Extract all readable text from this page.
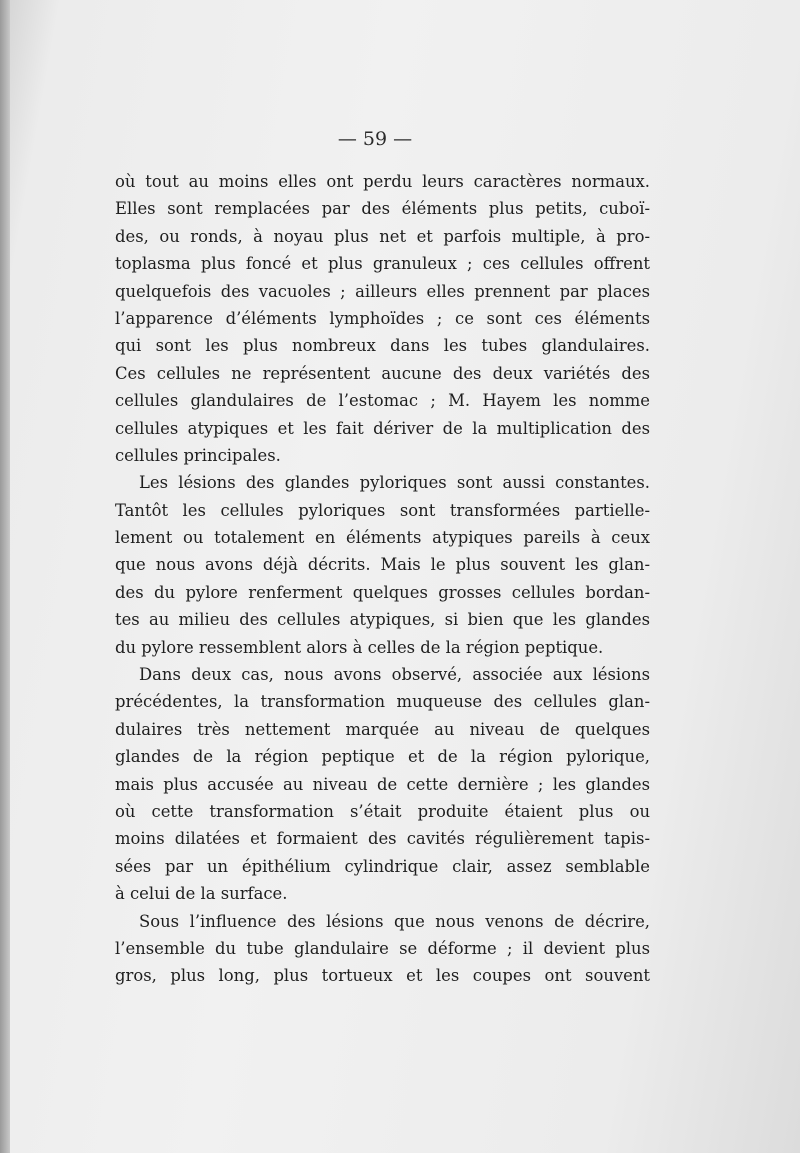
— 59 —
où tout au moins elles ont perdu leurs caractères normaux.
Elles sont remplacées par des éléments plus petits, cuboï-
des, ou ronds, à noyau plus net et parfois multiple, à pro-
toplasma plus foncé et plus granuleux ; ces cellules offrent
quelquefois des vacuoles ; ailleurs elles prennent par places
l’apparence d’éléments lymphoïdes ; ce sont ces éléments
qui sont les plus nombreux dans les tubes glandulaires.
Ces cellules ne représentent aucune des deux variétés des
cellules glandulaires de l’estomac ; M. Hayem les nomme
cellules atypiques et les fait dériver de la multiplication des
cellules principales.
Les lésions des glandes pyloriques sont aussi constantes.
Tantôt les cellules pyloriques sont transformées partielle-
lement ou totalement en éléments atypiques pareils à ceux
que nous avons déjà décrits. Mais le plus souvent les glan-
des du pylore renferment quelques grosses cellules bordan-
tes au milieu des cellules atypiques, si bien que les glandes
du pylore ressemblent alors à celles de la région peptique.
Dans deux cas, nous avons observé, associée aux lésions
précédentes, la transformation muqueuse des cellules glan-
dulaires très nettement marquée au niveau de quelques
glandes de la région peptique et de la région pylorique,
mais plus accusée au niveau de cette dernière ; les glandes
où cette transformation s’était produite étaient plus ou
moins dilatées et formaient des cavités régulièrement tapis-
sées par un épithélium cylindrique clair, assez semblable
à celui de la surface.
Sous l’influence des lésions que nous venons de décrire,
l’ensemble du tube glandulaire se déforme ; il devient plus
gros, plus long, plus tortueux et les coupes ont souvent
